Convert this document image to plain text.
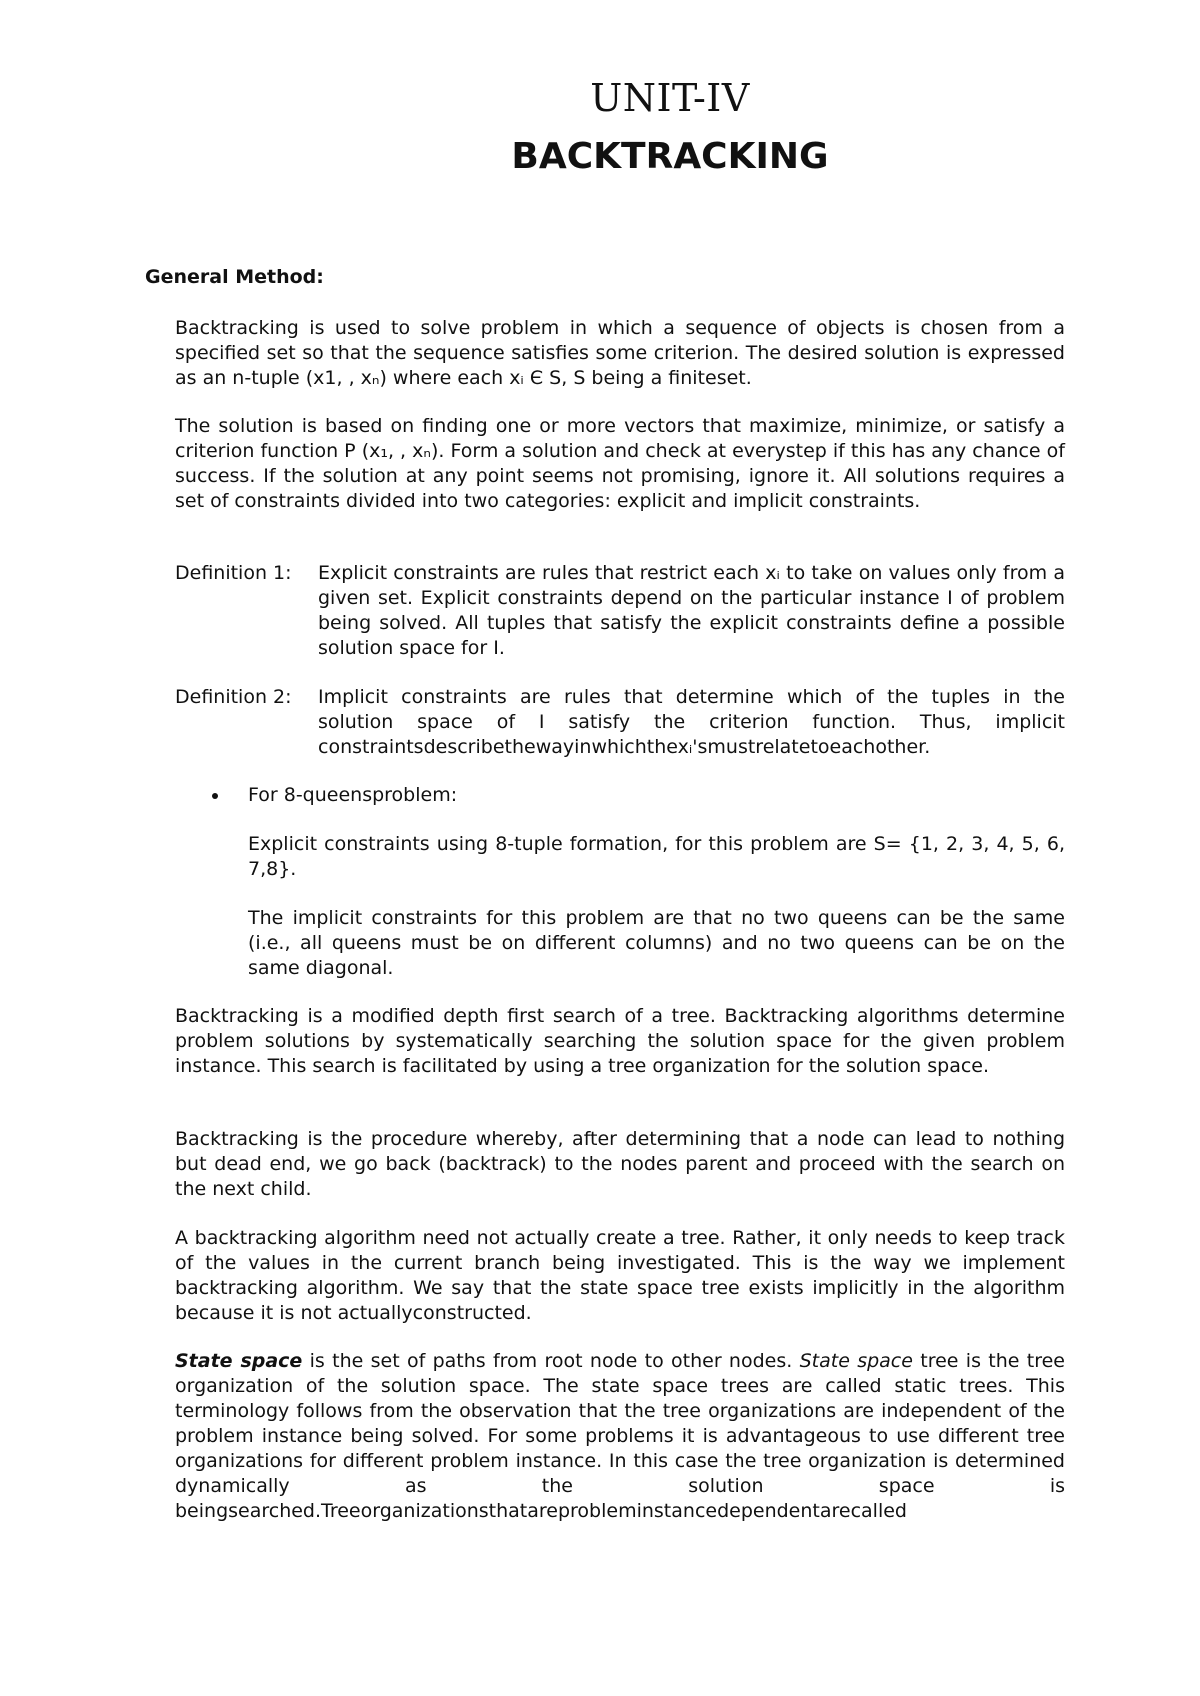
UNIT-IV
BACKTRACKING
General Method:

Backtracking is used to solve problem in which a sequence of objects is chosen from a specified set so that the sequence satisfies some criterion. The desired solution is expressed as an n-tuple (x1, , xₙ) where each xᵢ Є S, S being a finiteset.

The solution is based on finding one or more vectors that maximize, minimize, or satisfy a criterion function P (x₁, , xₙ). Form a solution and check at everystep if this has any chance of success. If the solution at any point seems not promising, ignore it. All solutions requires a set of constraints divided into two categories: explicit and implicit constraints.

Definition 1: Explicit constraints are rules that restrict each xᵢ to take on values only from a given set. Explicit constraints depend on the particular instance I of problem being solved. All tuples that satisfy the explicit constraints define a possible solution space for I.
Definition 2: Implicit constraints are rules that determine which of the tuples in the solution space of I satisfy the criterion function. Thus, implicit constraintsdescribethewayinwhichthexᵢ'smustrelatetoeachother.
For 8-queensproblem:
Explicit constraints using 8-tuple formation, for this problem are S= {1, 2, 3, 4, 5, 6, 7,8}.
The implicit constraints for this problem are that no two queens can be the same (i.e., all queens must be on different columns) and no two queens can be on the same diagonal.

Backtracking is a modified depth first search of a tree. Backtracking algorithms determine problem solutions by systematically searching the solution space for the given problem instance. This search is facilitated by using a tree organization for the solution space.

Backtracking is the procedure whereby, after determining that a node can lead to nothing but dead end, we go back (backtrack) to the nodes parent and proceed with the search on the next child.

A backtracking algorithm need not actually create a tree. Rather, it only needs to keep track of the values in the current branch being investigated. This is the way we implement backtracking algorithm. We say that the state space tree exists implicitly in the algorithm because it is not actuallyconstructed.

State space is the set of paths from root node to other nodes. State space tree is the tree organization of the solution space. The state space trees are called static trees. This terminology follows from the observation that the tree organizations are independent of the problem instance being solved. For some problems it is advantageous to use different tree organizations for different problem instance. In this case the tree organization is determined dynamically as the solution space is beingsearched.Treeorganizationsthatareprobleminstancedependentarecalled
